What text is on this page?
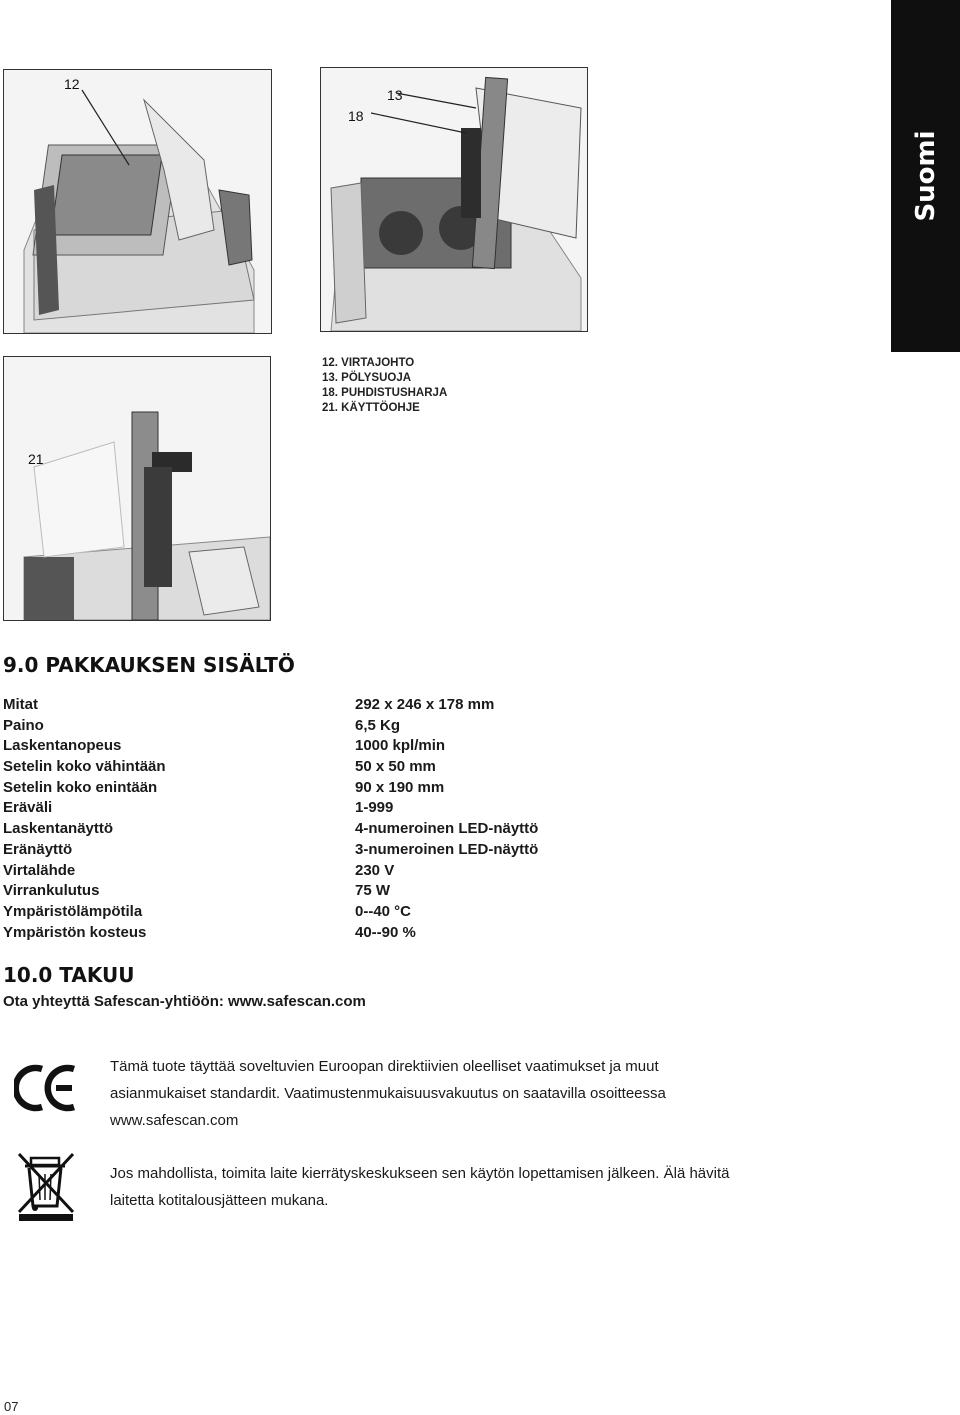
Suomi
12
13
18
12. VIRTAJOHTO
13. PÖLYSUOJA
18. PUHDISTUSHARJA
21. KÄYTTÖOHJE
21
9.0 PAKKAUKSEN SISÄLTÖ
Mitat	292 x 246 x 178 mm
Paino	6,5 Kg
Laskentanopeus	1000 kpl/min
Setelin koko vähintään	50 x 50 mm
Setelin koko enintään	90 x 190 mm
Eräväli	1-999
Laskentanäyttö	4-numeroinen LED-näyttö
Eränäyttö	3-numeroinen LED-näyttö
Virtalähde	230 V
Virrankulutus	75 W
Ympäristölämpötila	0--40 °C
Ympäristön kosteus	40--90 %
10.0 TAKUU
Ota yhteyttä Safescan-yhtiöön: www.safescan.com
Tämä tuote täyttää soveltuvien Euroopan direktiivien oleelliset vaatimukset ja muut
asianmukaiset standardit. Vaatimustenmukaisuusvakuutus on saatavilla osoitteessa
www.safescan.com
Jos mahdollista, toimita laite kierrätyskeskukseen sen käytön lopettamisen jälkeen. Älä hävitä
laitetta kotitalousjätteen mukana.
07
